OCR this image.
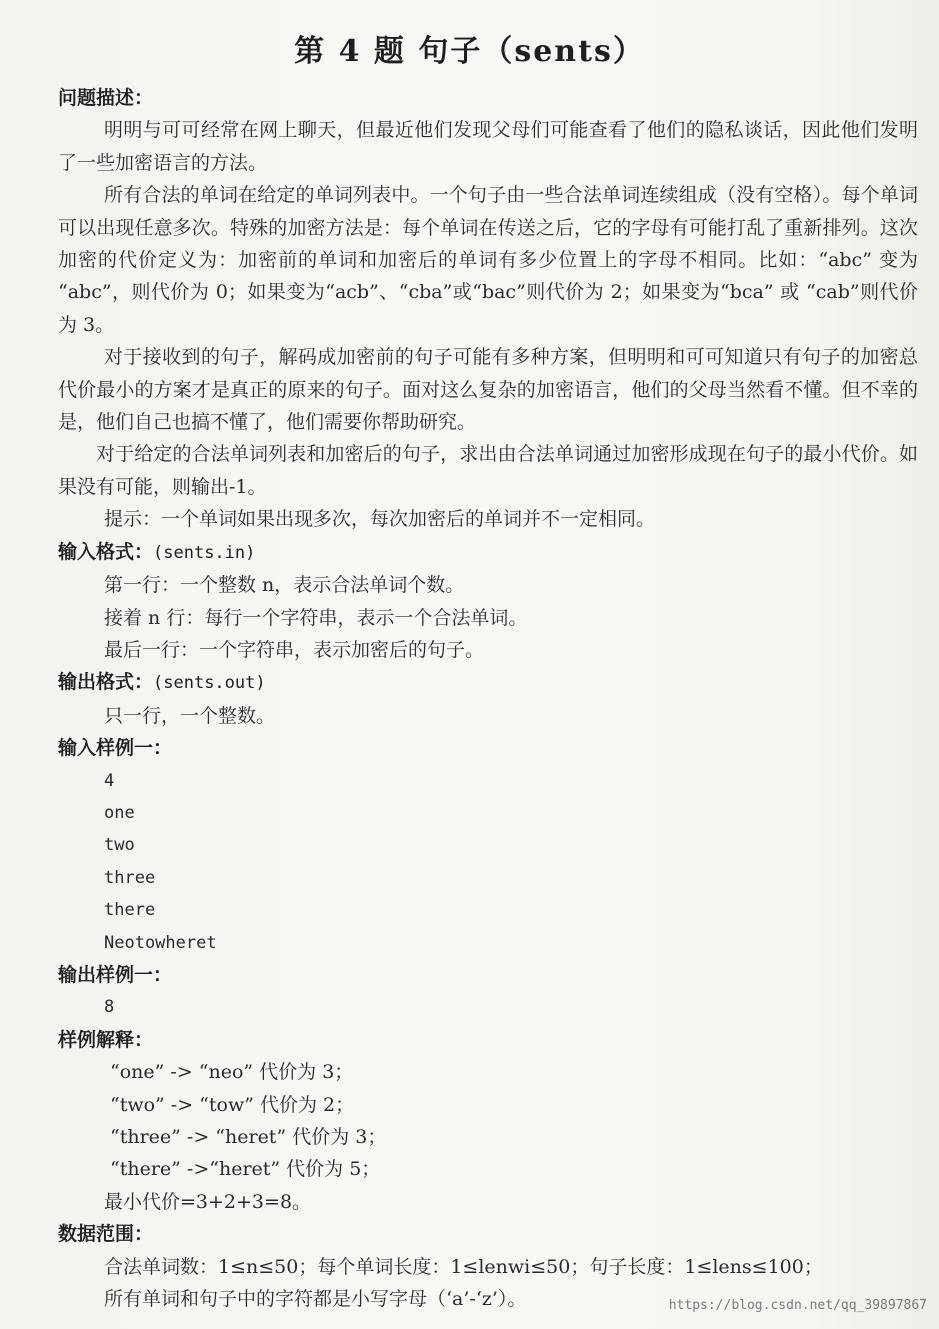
第 4 题 句子（sents）
问题描述：

明明与可可经常在网上聊天，但最近他们发现父母们可能查看了他们的隐私谈话，因此他们发明了一些加密语言的方法。

所有合法的单词在给定的单词列表中。一个句子由一些合法单词连续组成（没有空格）。每个单词可以出现任意多次。特殊的加密方法是：每个单词在传送之后，它的字母有可能打乱了重新排列。这次加密的代价定义为：加密前的单词和加密后的单词有多少位置上的字母不相同。比如：“abc” 变为 “abc”，则代价为 0；如果变为“acb”、“cba”或“bac”则代价为 2；如果变为“bca” 或 “cab”则代价为 3。

对于接收到的句子，解码成加密前的句子可能有多种方案，但明明和可可知道只有句子的加密总代价最小的方案才是真正的原来的句子。面对这么复杂的加密语言，他们的父母当然看不懂。但不幸的是，他们自己也搞不懂了，他们需要你帮助研究。

对于给定的合法单词列表和加密后的句子，求出由合法单词通过加密形成现在句子的最小代价。如果没有可能，则输出-1。

提示：一个单词如果出现多次，每次加密后的单词并不一定相同。

输入格式：(sents.in)

第一行：一个整数 n，表示合法单词个数。

接着 n 行：每行一个字符串，表示一个合法单词。

最后一行：一个字符串，表示加密后的句子。

输出格式：(sents.out)

只一行，一个整数。

输入样例一：

4

one

two

three

there

Neotowheret

输出样例一：

8

样例解释：

“one” -> “neo” 代价为 3；

“two” -> “tow” 代价为 2；

“three” -> “heret” 代价为 3；

“there” ->“heret” 代价为 5；

最小代价=3+2+3=8。

数据范围：

合法单词数：1≤n≤50；每个单词长度：1≤lenwi≤50；句子长度：1≤lens≤100；

所有单词和句子中的字符都是小写字母（‘a’-‘z’）。	https://blog.csdn.net/qq_39897867
